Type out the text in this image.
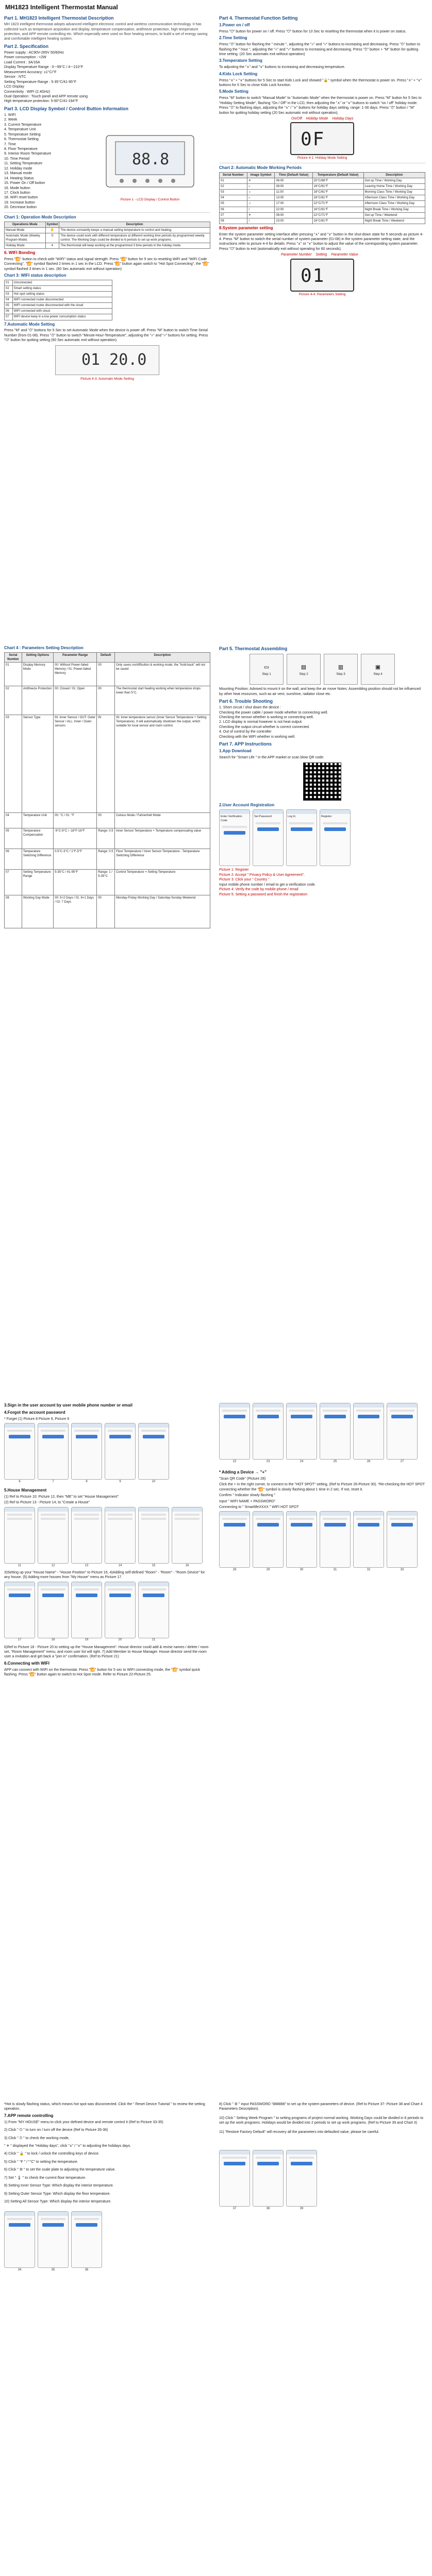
MH1823 Intelligent Thermostat Manual
Part 1. MH1823 Intelligent Thermostat Description

MH 1823 intelligent thermostat adopts advanced intelligent electronic control and wireless communication technology. It has collected such as temperature acquisition and display, temperature compensation, antifreeze protection, high temperature protection, and APP remote controlling etc. Which especially were used on floor heating sensors, to build a set of energy saving and comfortable intelligent heating system.

Part 2. Specification
Power supply : AC90V-265V 50/60Hz
Power consumption : <2W
Load Current : 3A/16A
Display Temperature Range : 0~-99°C / 4~-210°F
Measurement Accuracy: ±1°C/°F
Sensor : NTC
Setting Temperature Range : 5-35°C/41-95°F
LCD Display
Connectivity : WIFI (2.4GHz)
Dual Operation : Touch panel and APP remote using
High temperature protection: 5-90°C/41-194°F
Part 3. LCD Display Symbol / Control Button Information
1. WIFI
2. Week
3. Current Temperature
4. Temperature Unit
5. Temperature Setting
6. Thermostat Setting
7. Time
8. Floor Temperature
9. Interior Room Temperature
10. Time Period
11. Setting Temperature
12. Holiday mode
13. Manual mode
14. Heating Status
15. Power On / Off button
16. Mode button
17. Clock button
18. WIFI reset button
19. Increase button
20. Decrease button
88.8
Picture 1 - LCD Display / Control Button
Chart 1: Operation Mode Description
Operations Mode	Symbol	Description
Manual Mode	✋	The device constantly keeps a manual setting temperature to control and heating.
Automatic Mode (Weekly Program Mode)	⏱	The device could work with different temperature at different working time periods by programmed weekly control. The Working Days could be divided to 6 periods to set up work programs.
Holiday Mode	✈	The thermostat will keep working at the programmed 3 time periods in the holiday mode.
6. WIFI Bonding

Press "📶" button to check with "WIFI" status and signal strength. Press "📶" button for 5 sec to resetting WIFI and "WIFI Code Connecting", "📶" symbol flashed 2 times in 1 sec in the LCD. Press "📶" button again switch to "Hot Spot Connecting", the "📶" symbol flashed 3 times in 1 sec. (60 Sec automatic exit without operation)

Chart 3: WIFI status description
01	Unconnected
02	Smart setting status
03	Hot spot setting status
04	WIFI connected router disconnected
05	WIFI connected router disconnected with the cloud
06	WIFI connected with cloud
07	WIFI device keep in a low power consumption status
7.Automatic Mode Setting

Press "M" and "⏱" buttons for 5 Sec to set Automatic Mode when the device is power off. Press "M" button to switch Time Serial Number (from 01-08). Press "⏱" button to switch "Minute-Hour-Temperature", adjusting the "∧" and "∨" buttons for setting. Press "⏻" button for quitting setting (60 Sec automatic exit without operation).

01 20.0
Picture 4-3: Automatic Mode Setting
Part 4. Thermostat Function Setting
1.Power on / off

Press "⏻" button for power on / off. Press "⏻" button for 10 Sec to resetting the thermostat when it is power on status.

2.Time Setting

Press "⏱" button for flashing the " minute ", adjusting the "∧" and "∨" buttons to increasing and decreasing. Press "⏱" button to flashing the " hour ", adjusting the "∧" and "∨" buttons to increasing and decreasing. Press "⏱" button + "M" button for quitting time setting. (20 Sec automatic exit without operation)

3.Temperature Setting

To adjusting the "∧" and "∨" buttons to increasing and decreasing temperature.

4.Kids Lock Setting

Press "∧" + "∨" buttons for 5 Sec to start Kids Lock and showed "🔒" symbol when the thermostat is power on. Press "∧" + "∨" buttons for 5 Sec to close Kids Lock function.

5.Mode Setting

Press "M" button to switch "Manual Mode" to "Automatic Mode" when the thermostat is power on. Press "M" button for 5 Sec to "Holiday Setting Mode", flashing "On / Off" in the LCD, then adjusting the "∧" or "∨" buttons to switch "on / off" holiday mode. Press "⏱" to flashing days, adjusting the "∧" / "∨" buttons for holiday days setting, range: 1-30 days. Press "⏱" button / "M" button for quitting holiday setting (20 Sec automatic exit without operation).

On/Off Holiday Mode Holiday Days
0F
Picture 4-1: Holiday Mode Setting
Chart 2: Automatic Mode Working Periods
Serial Number	Image Symbol	Time (Default Value)	Temperature (Default Value)	Description
01	☀	06:00	20°C/68°F	Get up Time / Working Day
02	⌂	08:00	16°C/61°F	Leaving Home Time / Working Day
03	☼	11:00	16°C/61°F	Morning Class Time / Working Day
04	⌂	13:00	16°C/61°F	Afternoon Class Time / Working Day
05	☼	17:00	22°C/71°F	Afternoon Class Time / Working Day
06	☾	22:00	16°C/61°F	Night Break Time / Working Day
07	☀	08:00	22°C/71°F	Get up Time / Weekend
08	☾	23:00	16°C/61°F	Night Break Time / Weekend
8.System parameter setting

Enter the system parameter setting interface after pressing "∧" and "∨" button in the shut-down state for 5 seconds as picture 4-4. Press "M" button to switch the serial number of system parameter (01-08) in the system parameter setting state, and the instructions refer to picture 4-4 for details. Press "∧" or "∨" button to adjust the value of the corresponding system parameter. Press "⏻" button to exit (automatically exit without operating for 60 seconds).

Parameter Number Setting Parameter Value
01
Picture 4-4: Parameters Setting
Chart 4 : Parameters Setting Description
Serial Number	Setting Options	Parameter Range	Default	Description
01	Display Memory Mode	00: Without Power-failed Memory / 01: Power-failed Memory	00	Only saves on/off/button & working mode; the "hold-back" will not be saved
02	Antifreeze Protection	00: Closed / 01: Open	00	The thermostat start heating working when temperature drops lower than 5°C.
03	Sensor Type	IN: Inner Sensor / OUT: Outer Sensor / ALL: Inner / Outer sensors	IN	IN: Inner temperature sensor (Inner Sensor Temperature + Setting Temperature). It will automatically shutdown the output, which suitable for local sensor and room control.
04	Temperature Unit	00: °C / 01: °F	00	Celsius Mode / Fahrenheit Mode
05	Temperature Compensation	-9°C-9°C / -18°F-18°F	Range: 0.5	Inner Sensor Temperature + Temperature compensating value
06	Temperature Switching Difference	0.5°C-3°C / 1°F-5°F	Range: 0.5	Floor Temperature / Inner Sensor Temperature - Temperature Switching Difference
07	Setting Temperature Range	5-35°C / 41-95°F	Range: 1 / 5-35°C	Control Temperature = Setting Temperature
08	Working Day Mode	00: 5+2 Days / 01: 6+1 Days / 02: 7 Days	00	Monday-Friday Working Day / Saturday-Sunday Weekend
Part 5. Thermostat Assembling
▭
Step 1
▤
Step 2
▥
Step 3
▣
Step 4

Mounting Position: Advised to mount it on the wall, and keep the air move Notes: Assembling position should not be influenced by other heat resources, such as air vent, sunshine, radiator close etc.

Part 6. Trouble Shooting
1. Short circuit / shut down the device :
Checking the power cable / power mode whether to connecting well.
Checking the sensor whether is working or connecting well.
2. LCD display is normal however is not heat output.
Checking the output circuit whether is correct connected.
4. Out of control by the controller
Checking with the WIFI whether is working well.
Part 7. APP Instructions
1.App Download

Search for "Smart Life " in the APP market or scan blow QR code:

2.User Account Registration
Enter Verification Code
Set Password	Log In	Register
Picture 1: Register
Picture 2: Accept " Privacy Policy & User Agreement".
Picture 3: Click your " Country "
Input mobile phone number / email to get a verification code.
Picture 4: Verify the code by mobile phone / email
Picture 5: Setting a password and finish the registration
3.Sign in the user account by user mobile phone number or email
4.Forgot the account password

* Forget (1) Picture 8 Picture 9, Picture 9

6	7	8	9	10
5.House Management

(1) Ref to Picture 10: Picture 12, then "ME" to set "House Management"

(2) Ref to Picture 13 - Picture 14, to "Create a House"

11	12	13	14	15	16

3)Setting up your "House Name" - "House Position" to Picture 16, 4)Adding self-defined "Room" - "Room" - "Room Device" for any house. (5) Adding more houses from "My House" menu as Picture 17.

17	18	19	20	21

6)Ref to Picture 18 - Picture 20 to setting up the "House Management". House director could add & revise names / delete / room set, "Room Management" menu, and room user list will right. 7) Add Member to House Manager. House director send the room user a invitation and get back a "join in" confirmation. (Ref to Picture 21)

6.Connecting with WIFI

APP can connect with WIFI on the thermostat. Press "📶" button for 5 sec to WIFI connecting mode, the "📶" symbol quick flashing. Press "📶" button again to switch to Hot Spot mode. Refer to Picture 22-Picture 25.

22	23	24	25	26	27
* Adding a Device → "+"

"Scan QR Code" (Picture 28)

Click the + in the right corner, to connect to the "HOT SPOT" setting, (Ref to Picture 26-Picture 30). *Re-checking the HOT SPOT connecting whether the "📶" symbol is slowly flashing about 1 time in 2 sec. If not, reset it.

Confirm " Indicator slowly flashing "

input " WIFI NAME + PASSWORD"

Connecting to " SmartlifeXXXX " WIFI HOT SPOT

28	29	30	31	32	33

*Hot is slowly flashing status, which means hot spot was disconnected. Click the " Reset Device Tutorial " to review the setting operation.

7.APP remote controlling
1) From "MY HOUSE" menu to click your defined device and remote control it (Ref to Picture 33-35)
2) Click " ⏻ " to turn on / turn off the device (Ref to Picture 35-36)
3) Click " ⏱ " to check the working mode,
" ✈ " displayed the "Holiday days", click "∧" / "∨" to adjusting the holidays days.
4) Click " 🔒 " to lock / unlock the controlling keys of device.
5) Click " °F " / "°C" to setting the temperature.
6) Click " ⚙ " to set the scale plate to adjusting the temperature value.
7) Set " 🌡 " to check the current floor temperature.
8) Setting Inner Sensor Type: Which display the interior temperature.
9) Setting Outer Sensor Type: Which display the floor temperature.
10) Setting All Sensor Type: Which display the interior temperature.
34	35	36
8) Click " ⚙ " input PASSWORD "888888" to set up the system parameters of device. (Ref to Picture 37- Picture 38 and Chart 4 Parameters Description).
10) Click " Setting Week Program " to setting programs of project normal working. Working Days could be divided in 6 periods to set up the work programs. Holidays would be divided into 2 periods to set up work programs. (Ref to Picture 39 and Chart 3)
11) "Restore Factory Default" will recovery all the parameters into defaulted value, please be careful.
37	38	39
